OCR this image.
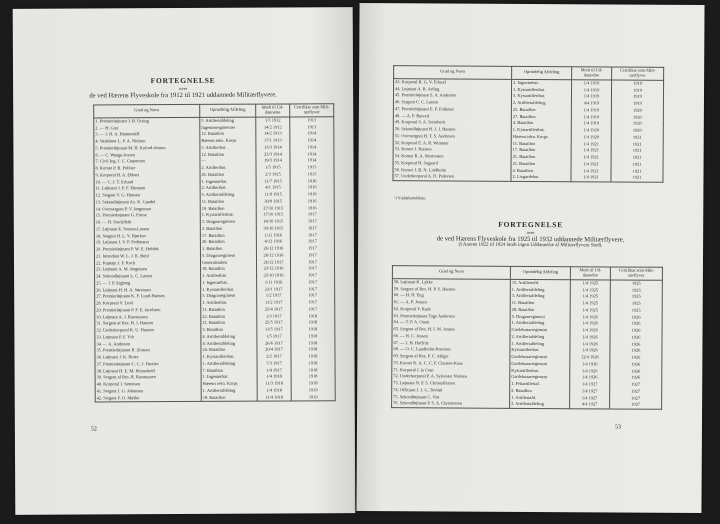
FORTEGNELSE
over
de ved Hærens Flyveskole fra 1912 til 1921 uddannede Militærflyvere.
Grad og Navn	Oprindelig Afdeling	Medt til Ud-dannelse	Certifikat som Mili-tærflyver
1. Premierløjtnant J. B. Utsing	5. Artilleriafdeling	1/3 1912	1913
2. — H. Grut	Ingeniørregimentet	14/2 1912	1913
3. — J. H. A. Hammeleff	12. Bataillon	14/2 1913	1914
4. Vaskfører L. P. A. Nielsen	Hærens tekn. Korps	17/1 1913	1914
5. Premierløjtnant M. H. Koford-Jensen	5. Artilleribat.	13/3 1914	1914
6. — C. Waage-Jessen	12. Bataillon	23/3 1914	1914
7. Civil Ing. J. C. Caspersen	—	19/3 1914	1914
8. Kornet P. B. Pollner	2. Artilleribat.	1/5 1915	1915
9. Korporal H. A. Ebbert	45. Bataillon	2/3 1915	1915
10. — C. J. T. Erlund	1. Ingeniørbat.	11/7 1915	1916
11. Løjtnant J. P. F. Ekmann	2. Artilleribat.	4/1 1915	1916
12. Sergent V. G. Hansen	5. Artilleriafdeling	11/9 1915	1916
13. Sekondløjtnant Ax. K. Gandel	11. Bataillon	30/9 1915	1916
14. Oversergent P. V. Jørgensen	19. Bataillon	27/10 1915	1916
15. Premierløjtnant G. Friese	1. Kystartilleribat.	17/10 1915	1917
16. — H. Stockfleth	3. Dragonregiment	18/10 1915	1917
17. Løjtnant E. Sensen-Lassen	3. Bataillon	30/10 1915	1917
18. Sergent H. L. V. Bjørkov	17. Bataillon	1/11 1916	1917
19. Løjtnant J. V. P. Fedtmann	26. Bataillon	4/12 1916	1917
20. Premierløjtnant P. W. E. Holdek	1. Bataillon	26/12 1916	1917
21. Intendant W. L. J. K. Buhl	5. Dragonregiment	26/12 1916	1917
22. Kaptajn J. P. Koch	Generalstaben	26/12 1917	1917
23. Løjtnant A. M. Jørgensen	18. Bataillon	23/12 1916	1917
24. Sekondløjtnant L. C. Larsen	1. Artilleribat.	25/10 1916	1917
25. — J. P. Ergberg	1. Ingeniørbat.	1/11 1916	1917
26. Løjtnant H. H. A. Sørensen	1. Kystartilleribat.	23/1 1917	1917
27. Premierløjtnant K. F. Lund-Hansen	5. Dragonregiment	1/2 1917	1917
28. Korporal V. Lind	1. Artilleribat.	11/2 1917	1917
29. Premierløjtnant P. F. E. Jacobsen	11. Bataillon	25/4 1917	1917
30. Løjtnant A. J. Rasmussen	22. Bataillon	1/3 1917	1918
31. Sergent af Res. H. J. Hansen	21. Bataillon	25/5 1917	1918
32. Underkorporal K. U. Hansen	3. Bataillon	13/5 1917	1918
33. Løjtnant P. F. Ydr	4. Artilleriafdeling	1/5 1917	1918
34. — A. Andersen	4. Artilleriafdeling	26/6 1917	1918
35. Premierløjtnant R. Zimsen	24. Bataillon	20/4 1917	1918
36. Løjtnant J. K. Hoier	1. Kystartilleribat.	2/2 1917	1918
37. Premierløjtnant C. C. J. Førslev	1. Artilleriafdeling	7/3 1917	1918
38. Løjtnant H. E. M. Hennebold	7. Bataillon	1/4 1917	1918
39. Sergent af Res. R. Rasmussen	1. Ingeniørbat.	1/4 1918	1918
40. Korporal J. Sørensen	Hærens tekn. Korps	11/3 1918	1918
41. Sergent J. G. Johansen	1. Artilleriafdeling	1/4 1918	1919
42. Sergent F. O. Møller	18. Bataillon	11/4 1918	1919
52
Grad og Navn	Oprindelig Afdeling	Medt til Ud-dannelse	Certifikat som Mili-tærflyver
43. Korporal R. G. V. Erlund	2. Ingeniørbat.	1/4 1919	1919
44. Løjtnant A. R. Arfing	1. Kystartilleribat.	1/4 1919	1919
45. Premierløjtnant S. A. Andersen	5. Kystartilleribat.	1/4 1919	1919
46. Sergent C. C. Larsen	2. Artilleriafdeling	4/4 1919	1919
47. Premierløjtnant E. F. Folkmar	25. Bataillon	1/4 1919	1920
48. — A. P. Botved	27. Bataillon	1/4 1919	1920
49. Korporal S. A. Steinbeck	4. Bataillon	1/4 1919	1920
50. Sekondløjtnant H. J. J. Hansen	1. Kystartilleribat.	1/4 1920	1920
51. Oversergent H. T. S. Andersen	Hærens tekn. Korps	1/4 1920	1921
52. Korporal E. A. R. Wimmer	11. Bataillon	1/4 1921	1921
53. Kornet J. Hansen	17. Bataillon	1/4 1921	1921
54. Kornet R. A. Mortensen	21. Bataillon	1/4 1921	1921
55. Korporal H. Sogaard	21. Bataillon	1/4 1921	1921
56. Kornet J. B. N. Lindholm	4. Bataillon	1/4 1921	1921
57. Underkorporal A. D. Pedersen	2. Livgardebat.	1/4 1921	1921
¹) Ynddeluntsbilder.
FORTEGNELSE
over
de ved Hærens Flyveskole fra 1925 til 1932 uddannede Militærflyvere.
(I Aarene 1922 til 1924 fandt ingen Uddannelse af Militærflyvere Sted).
Grad og Navn	Oprindelig Afdeling	Medt til Ud-dannelse	Certifikat som Mili-tærflyver
58. Løjtnant K. Lykke	15. Artilleriafd.	1/4 1925	1925
59. Sergent af Res. H. P. S. Hansen	1. Artilleriafdeling	1/4 1925	1925
60. — H. H. Eng	3. Artilleriafdeling	1/4 1925	1925
61. — A. P. Jensen	11. Bataillon	1/4 1925	1925
62. Korporal V. Rask	28. Bataillon	1/4 1925	1925
63. Premierløjtnant Tage Andersen	5. Dragonregiment	1/4 1926	1926
64. — T. P. A. Oram	1. Artilleriafdeling	1/4 1926	1926
65. Sergent af Res. H. I. M. Jensen	Gardehusarregiment	1/4 1926	1926
66. — H. C. Jensen	2. Artilleriafdeling	1/4 1926	1926
67. — J. H. Hoffritz	1. Artilleriafdeling	1/4 1926	1926
68. — O. C. Lundholm-Petersen	Kystartilleribat.	1/4 1926	1926
69. Sergent af Res. P. C. Ahlgrr	Gardehusarregiment	12/4 1926	1926
70. Kornet K. A. C. C. F. Clausen-Kaas	Gardehusarregiment	1/4 1926	1926
71. Korporal J. la Cour	Kystartilleribat.	1/4 1926	1926
72. Underkorporal P. A. Sylvester Nielsen	Gardehusarregiment	1/4 1926	1926
73. Løjtnant N. P. S. Christoffersen	1. Feltartilleriaf.	1/4 1927	1927
74. Officiant J. J. G. Tovbøl	2. Bataillon	1/4 1927	1927
75. Sekondløjtnant C. Vist	1. Artilleriafd.	1/4 1927	1927
76. Sekondløjtnant P. S. A. Christensen	2. Artilleriafdeling	4/4 1927	1927
53
